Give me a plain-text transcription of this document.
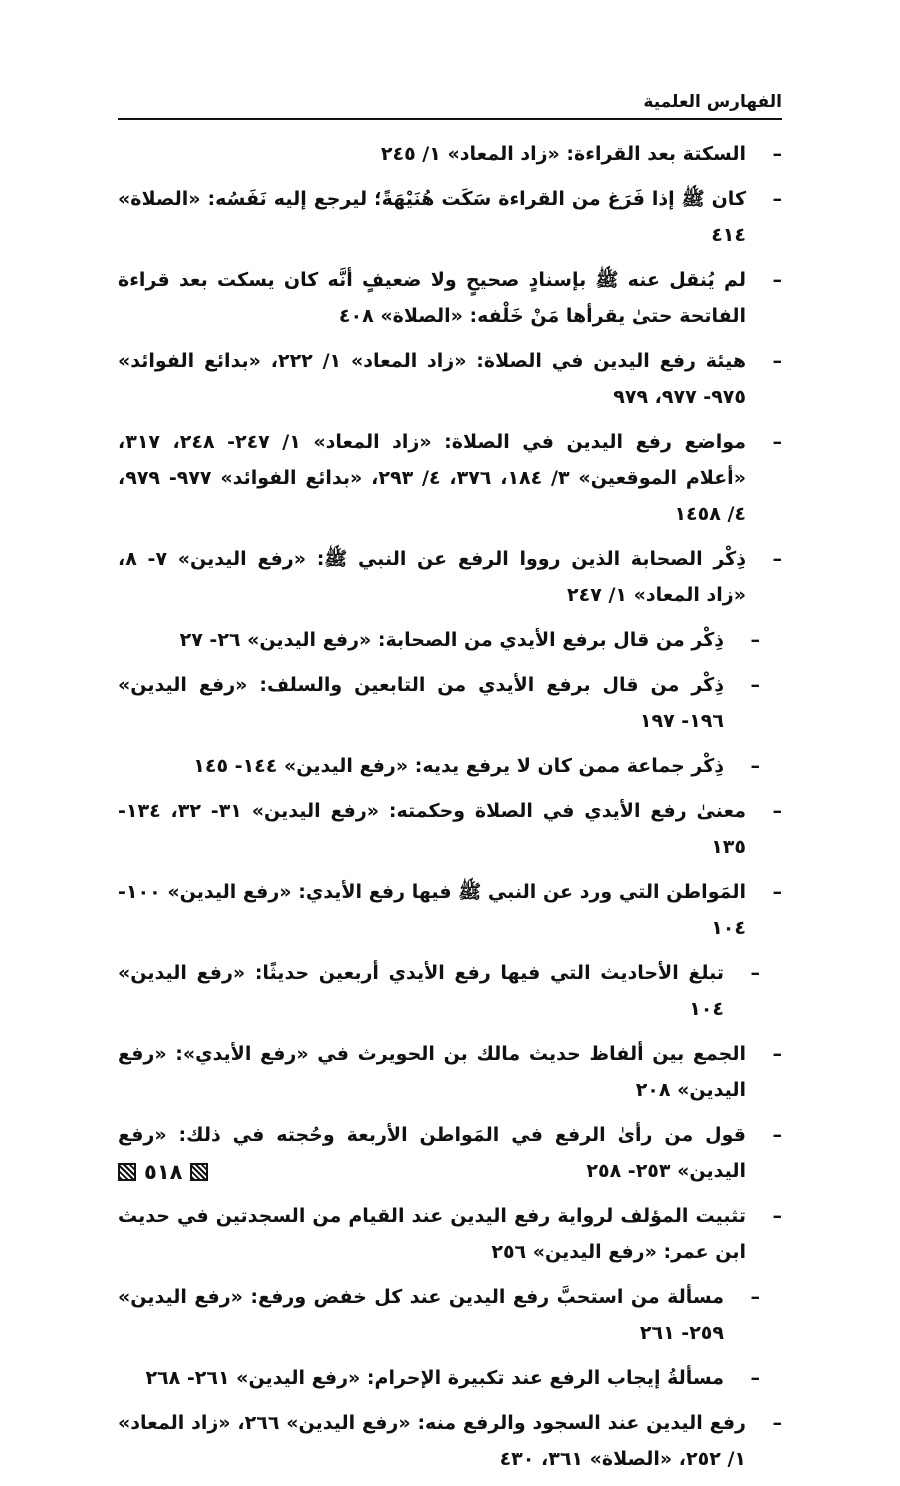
الفهارس العلمية
–
السكتة بعد القراءة: «زاد المعاد» ١/ ٢٤٥
–
كان ﷺ إذا فَرَغ من القراءة سَكَت هُنَيْهَةً؛ ليرجع إليه نَفَسُه: «الصلاة» ٤١٤
–
لم يُنقل عنه ﷺ بإسنادٍ صحيحٍ ولا ضعيفٍ أنَّه كان يسكت بعد قراءة الفاتحة حتىٰ يقرأها مَنْ خَلْفه: «الصلاة» ٤٠٨
–
هيئة رفع اليدين في الصلاة: «زاد المعاد» ١/ ٢٢٢، «بدائع الفوائد» ٩٧٥- ٩٧٧، ٩٧٩
–
مواضع رفع اليدين في الصلاة: «زاد المعاد» ١/ ٢٤٧- ٢٤٨، ٣١٧، «أعلام الموقعين» ٣/ ١٨٤، ٣٧٦، ٤/ ٢٩٣، «بدائع الفوائد» ٩٧٧- ٩٧٩، ٤/ ١٤٥٨
–
ذِكْر الصحابة الذين رووا الرفع عن النبي ﷺ: «رفع اليدين» ٧- ٨، «زاد المعاد» ١/ ٢٤٧
–
ذِكْر من قال برفع الأيدي من الصحابة: «رفع اليدين» ٢٦- ٢٧
–
ذِكْر من قال برفع الأيدي من التابعين والسلف: «رفع اليدين» ١٩٦- ١٩٧
–
ذِكْر جماعة ممن كان لا يرفع يديه: «رفع اليدين» ١٤٤- ١٤٥
–
معنىٰ رفع الأيدي في الصلاة وحكمته: «رفع اليدين» ٣١- ٣٢، ١٣٤- ١٣٥
–
المَواطن التي ورد عن النبي ﷺ فيها رفع الأيدي: «رفع اليدين» ١٠٠- ١٠٤
–
تبلغ الأحاديث التي فيها رفع الأيدي أربعين حديثًا: «رفع اليدين» ١٠٤
–
الجمع بين ألفاظ حديث مالك بن الحويرث في «رفع الأيدي»: «رفع اليدين» ٢٠٨
–
قول من رأىٰ الرفع في المَواطن الأربعة وحُجته في ذلك: «رفع اليدين» ٢٥٣- ٢٥٨
–
تثبيت المؤلف لرواية رفع اليدين عند القيام من السجدتين في حديث ابن عمر: «رفع اليدين» ٢٥٦
–
مسألة من استحبَّ رفع اليدين عند كل خفض ورفع: «رفع اليدين» ٢٥٩- ٢٦١
–
مسألةُ إيجاب الرفع عند تكبيرة الإحرام: «رفع اليدين» ٢٦١- ٢٦٨
–
رفع اليدين عند السجود والرفع منه: «رفع اليدين» ٢٦٦، «زاد المعاد» ١/ ٢٥٢، «الصلاة» ٣٦١، ٤٣٠
٥١٨
